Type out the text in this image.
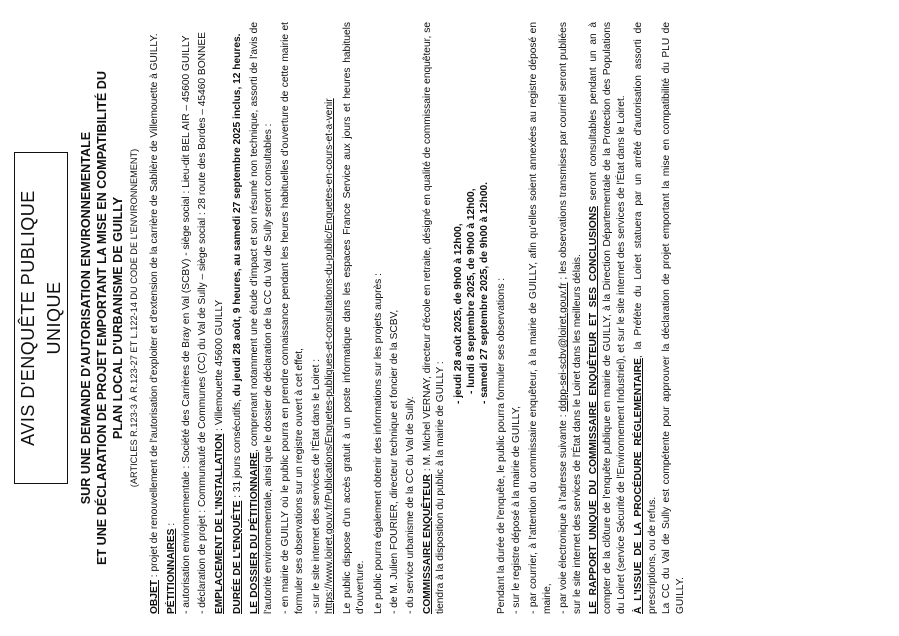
AVIS D'ENQUÊTE PUBLIQUE UNIQUE	SUR UNE DEMANDE D'AUTORISATION ENVIRONNEMENTALE ET UNE DÉCLARATION DE PROJET EMPORTANT LA MISE EN COMPATIBILITÉ DU PLAN LOCAL D'URBANISME DE GUILLY (ARTICLES R.123-3 À R.123-27 ET L.122-14 DU CODE DE L'ENVIRONNEMENT)

OBJET : projet de renouvellement de l'autorisation d'exploiter et d'extension de la carrière de Sablière de Villemouette à GUILLY. PÉTITIONNAIRES : - autorisation environnementale : Société des Carrières de Bray en Val (SCBV) - siège social : Lieu-dit BEL AIR – 45600 GUILLY - déclaration de projet : Communauté de Communes (CC) du Val de Sully – siège social : 28 route des Bordes – 45460 BONNEE EMPLACEMENT DE L'INSTALLATION : Villemouette 45600 GUILLY

DURÉE DE L'ENQUÊTE : 31 jours consécutifs, du jeudi 28 août, 9 heures, au samedi 27 septembre 2025 inclus, 12 heures.

LE DOSSIER DU PÉTITIONNAIRE, comprenant notamment une étude d'impact et son résumé non technique, assorti de l'avis de l'autorité environnementale, ainsi que le dossier de déclaration de la CC du Val de Sully seront consultables : - en mairie de GUILLY où le public pourra en prendre connaissance pendant les heures habituelles d'ouverture de cette mairie et formuler ses observations sur un registre ouvert à cet effet, - sur le site internet des services de l'État dans le Loiret : https://www.loiret.gouv.fr/Publications/Enquetes-publiques-et-consultations-du-public/Enquetes-en-cours-et-a-venir Le public dispose d'un accès gratuit à un poste informatique dans les espaces France Service aux jours et heures habituels d'ouverture. Le public pourra également obtenir des informations sur les projets auprès : - de M. Julien FOURIER, directeur technique et foncier de la SCBV, - du service urbanisme de la CC du Val de Sully. COMMISSAIRE ENQUÊTEUR : M. Michel VERNAY, directeur d'école en retraite, désigné en qualité de commissaire enquêteur, se tiendra à la disposition du public à la mairie de GUILLY :

- jeudi 28 août 2025, de 9h00 à 12h00, - lundi 8 septembre 2025, de 9h00 à 12h00, - samedi 27 septembre 2025, de 9h00 à 12h00. Pendant la durée de l'enquête, le public pourra formuler ses observations : - sur le registre déposé à la mairie de GUILLY, - par courrier, à l'attention du commissaire enquêteur, à la mairie de GUILLY, afin qu'elles soient annexées au registre déposé en mairie, - par voie électronique à l'adresse suivante : ddpp-sei-scbv@loiret.gouv.fr ; les observations transmises par courriel seront publiées sur le site internet des services de l'État dans le Loiret dans les meilleurs délais. LE RAPPORT UNIQUE DU COMMISSAIRE ENQUÊTEUR ET SES CONCLUSIONS seront consultables pendant un an à compter de la clôture de l'enquête publique en mairie de GUILLY, à la Direction Départementale de la Protection des Populations du Loiret (service Sécurité de l'Environnement Industriel), et sur le site internet des services de l'État dans le Loiret. À L'ISSUE DE LA PROCÉDURE RÉGLEMENTAIRE, la Préfète du Loiret statuera par un arrêté d'autorisation assorti de prescriptions, ou de refus. La CC du Val de Sully est compétente pour approuver la déclaration de projet emportant la mise en compatibilité du PLU de GUILLY.
